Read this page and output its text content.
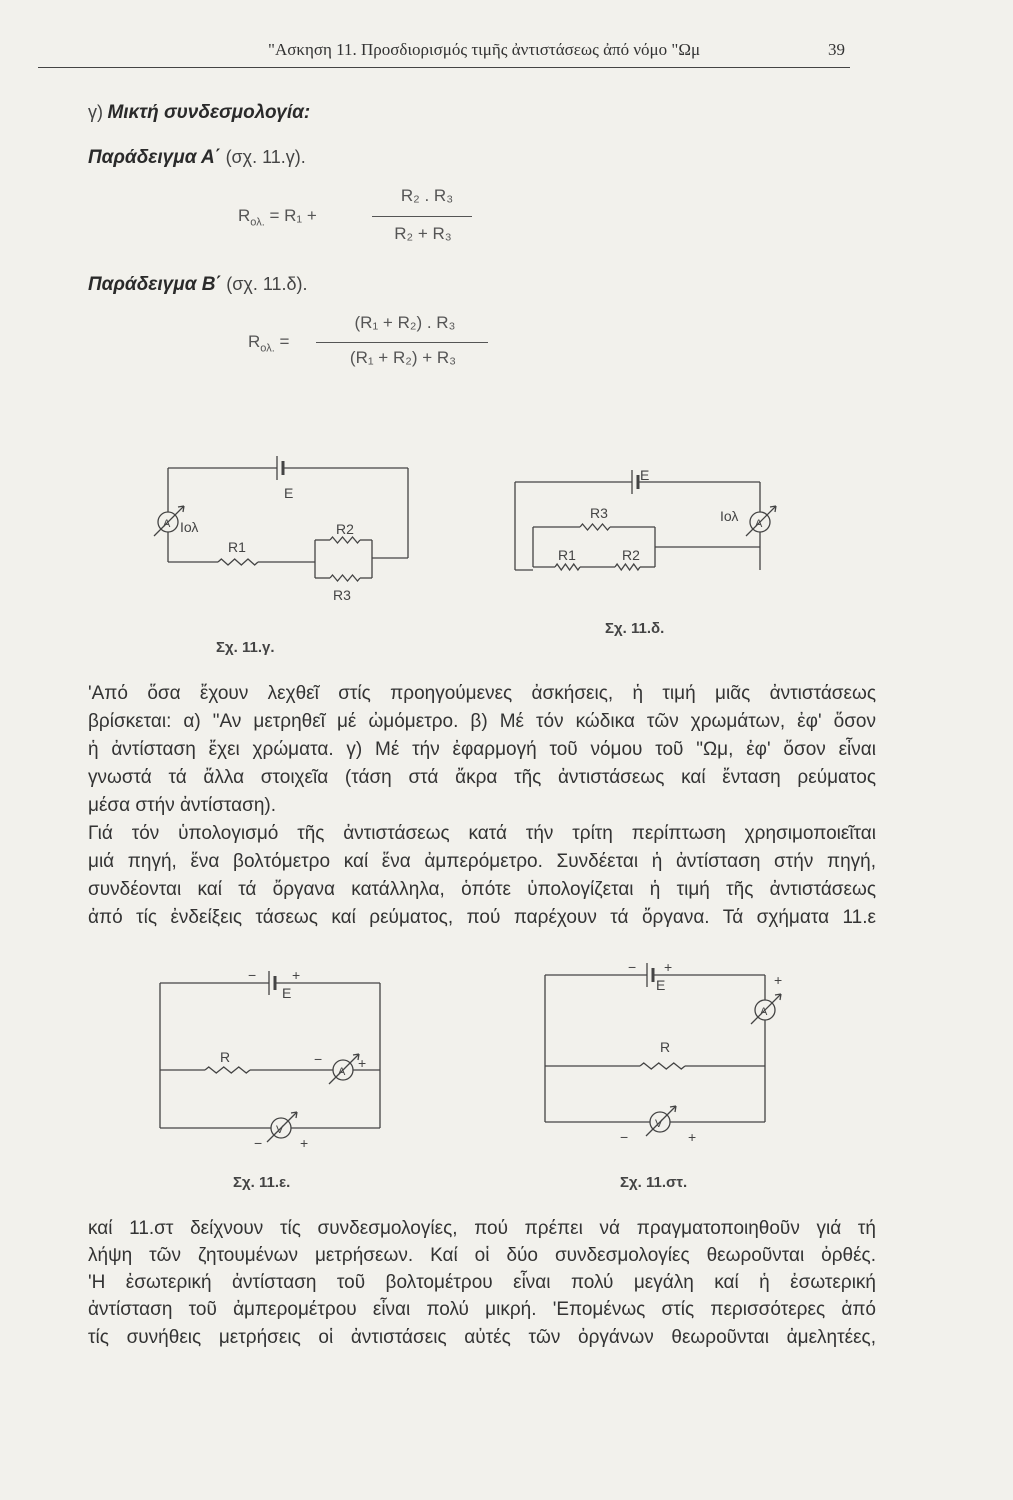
"Ασκηση 11. Προσδιορισμός τιμῆς ἀντιστάσεως ἀπό νόμο "Ωμ	39
γ) Μικτή συνδεσμολογία:
Παράδειγμα Α΄ (σχ. 11.γ).
$R_{o\lambda.} = R_1$ +
R₂ . R₃
R₂ + R₃
Παράδειγμα Β΄ (σχ. 11.δ).
$R_{o\lambda.}$ =
(R₁ + R₂) . R₃
(R₁ + R₂) + R₃
E
A Ιολ
R1
R2
R3
Σχ. 11.γ.
E
A
Ιολ
R3
R1	R2
Σχ. 11.δ.
−	+
E
R	−
A
+
V
−	+
Σχ. 11.ε.
− +
E	+
A
R
V
−	+
Σχ. 11.στ.
'Από ὅσα ἔχουν λεχθεῖ στίς προηγούμενες ἀσκήσεις, ἡ τιμή μιᾶς ἀντιστάσεως
βρίσκεται: α) "Αν μετρηθεῖ μέ ὠμόμετρο. β) Μέ τόν κώδικα τῶν χρωμάτων, ἐφ' ὅσον
ἡ ἀντίσταση ἔχει χρώματα. γ) Μέ τήν ἐφαρμογή τοῦ νόμου τοῦ "Ωμ, ἐφ' ὅσον εἶναι
γνωστά τά ἄλλα στοιχεῖα (τάση στά ἄκρα τῆς ἀντιστάσεως καί ἔνταση ρεύματος
μέσα στήν ἀντίσταση).
Γιά τόν ὑπολογισμό τῆς ἀντιστάσεως κατά τήν τρίτη περίπτωση χρησιμοποιεῖται
μιά πηγή, ἕνα βολτόμετρο καί ἕνα ἀμπερόμετρο. Συνδέεται ἡ ἀντίσταση στήν πηγή,
συνδέονται καί τά ὄργανα κατάλληλα, ὁπότε ὑπολογίζεται ἡ τιμή τῆς ἀντιστάσεως
ἀπό τίς ἐνδείξεις τάσεως καί ρεύματος, πού παρέχουν τά ὄργανα. Τά σχήματα 11.ε
καί 11.στ δείχνουν τίς συνδεσμολογίες, πού πρέπει νά πραγματοποιηθοῦν γιά τή
λήψη τῶν ζητουμένων μετρήσεων. Καί οἱ δύο συνδεσμολογίες θεωροῦνται ὀρθές.
'Η ἐσωτερική ἀντίσταση τοῦ βολτομέτρου εἶναι πολύ μεγάλη καί ἡ ἐσωτερική
ἀντίσταση τοῦ ἀμπερομέτρου εἶναι πολύ μικρή. 'Επομένως στίς περισσότερες ἀπό
τίς συνήθεις μετρήσεις οἱ ἀντιστάσεις αὐτές τῶν ὀργάνων θεωροῦνται ἀμελητέες,
